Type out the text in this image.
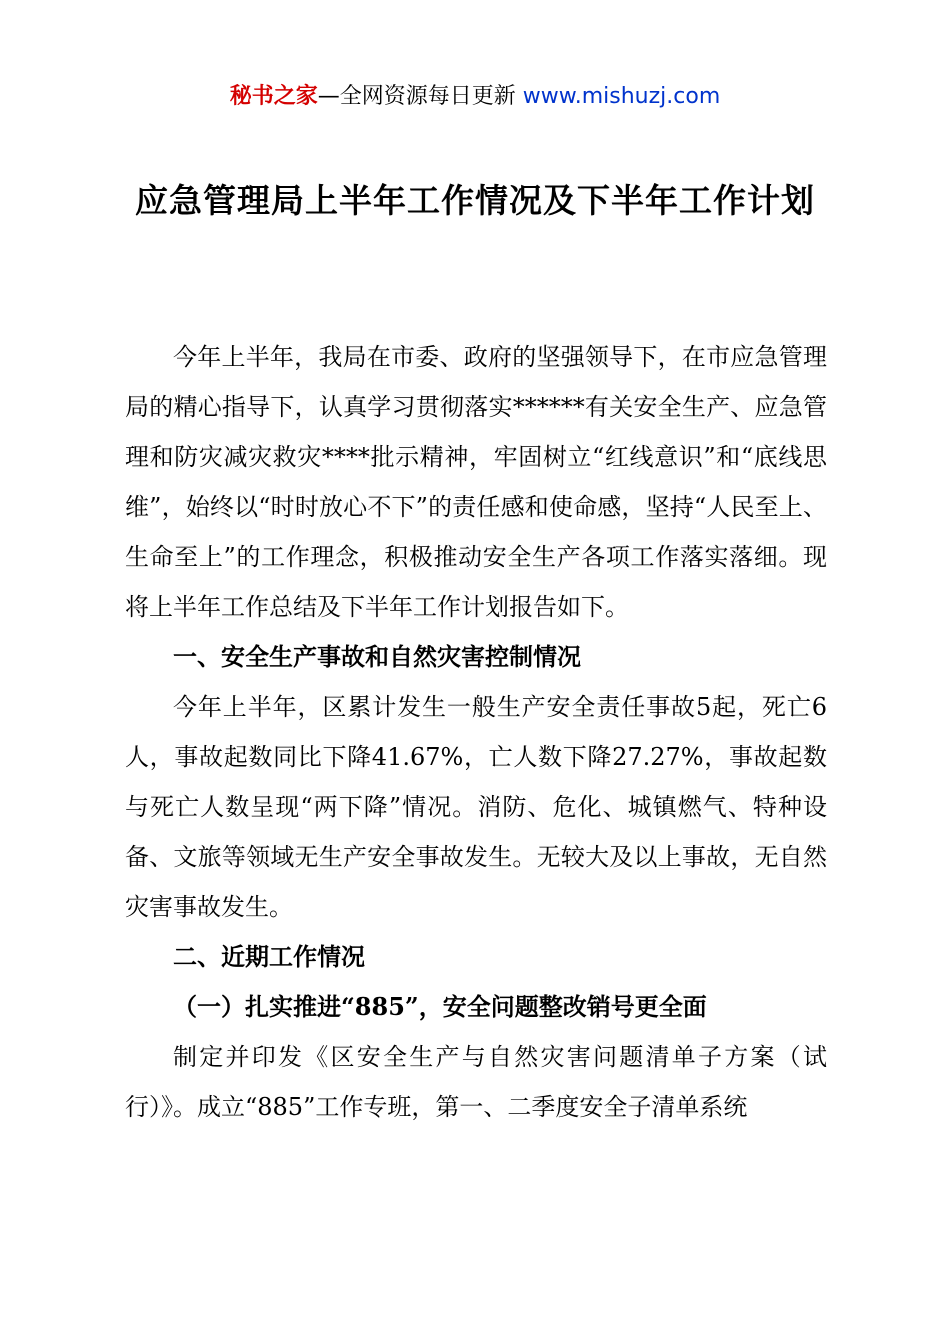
秘书之家—全网资源每日更新 www.mishuzj.com
应急管理局上半年工作情况及下半年工作计划

今年上半年，我局在市委、政府的坚强领导下，在市应急管理局的精心指导下，认真学习贯彻落实******有关安全生产、应急管理和防灾减灾救灾****批示精神，牢固树立“红线意识”和“底线思维”，始终以“时时放心不下”的责任感和使命感，坚持“人民至上、生命至上”的工作理念，积极推动安全生产各项工作落实落细。现将上半年工作总结及下半年工作计划报告如下。

一、安全生产事故和自然灾害控制情况

今年上半年，区累计发生一般生产安全责任事故5起，死亡6人，事故起数同比下降41.67%，亡人数下降27.27%，事故起数与死亡人数呈现“两下降”情况。消防、危化、城镇燃气、特种设备、文旅等领域无生产安全事故发生。无较大及以上事故，无自然灾害事故发生。

二、近期工作情况

（一）扎实推进“885”，安全问题整改销号更全面

制定并印发《区安全生产与自然灾害问题清单子方案（试行）》。成立“885”工作专班，第一、二季度安全子清单系统
